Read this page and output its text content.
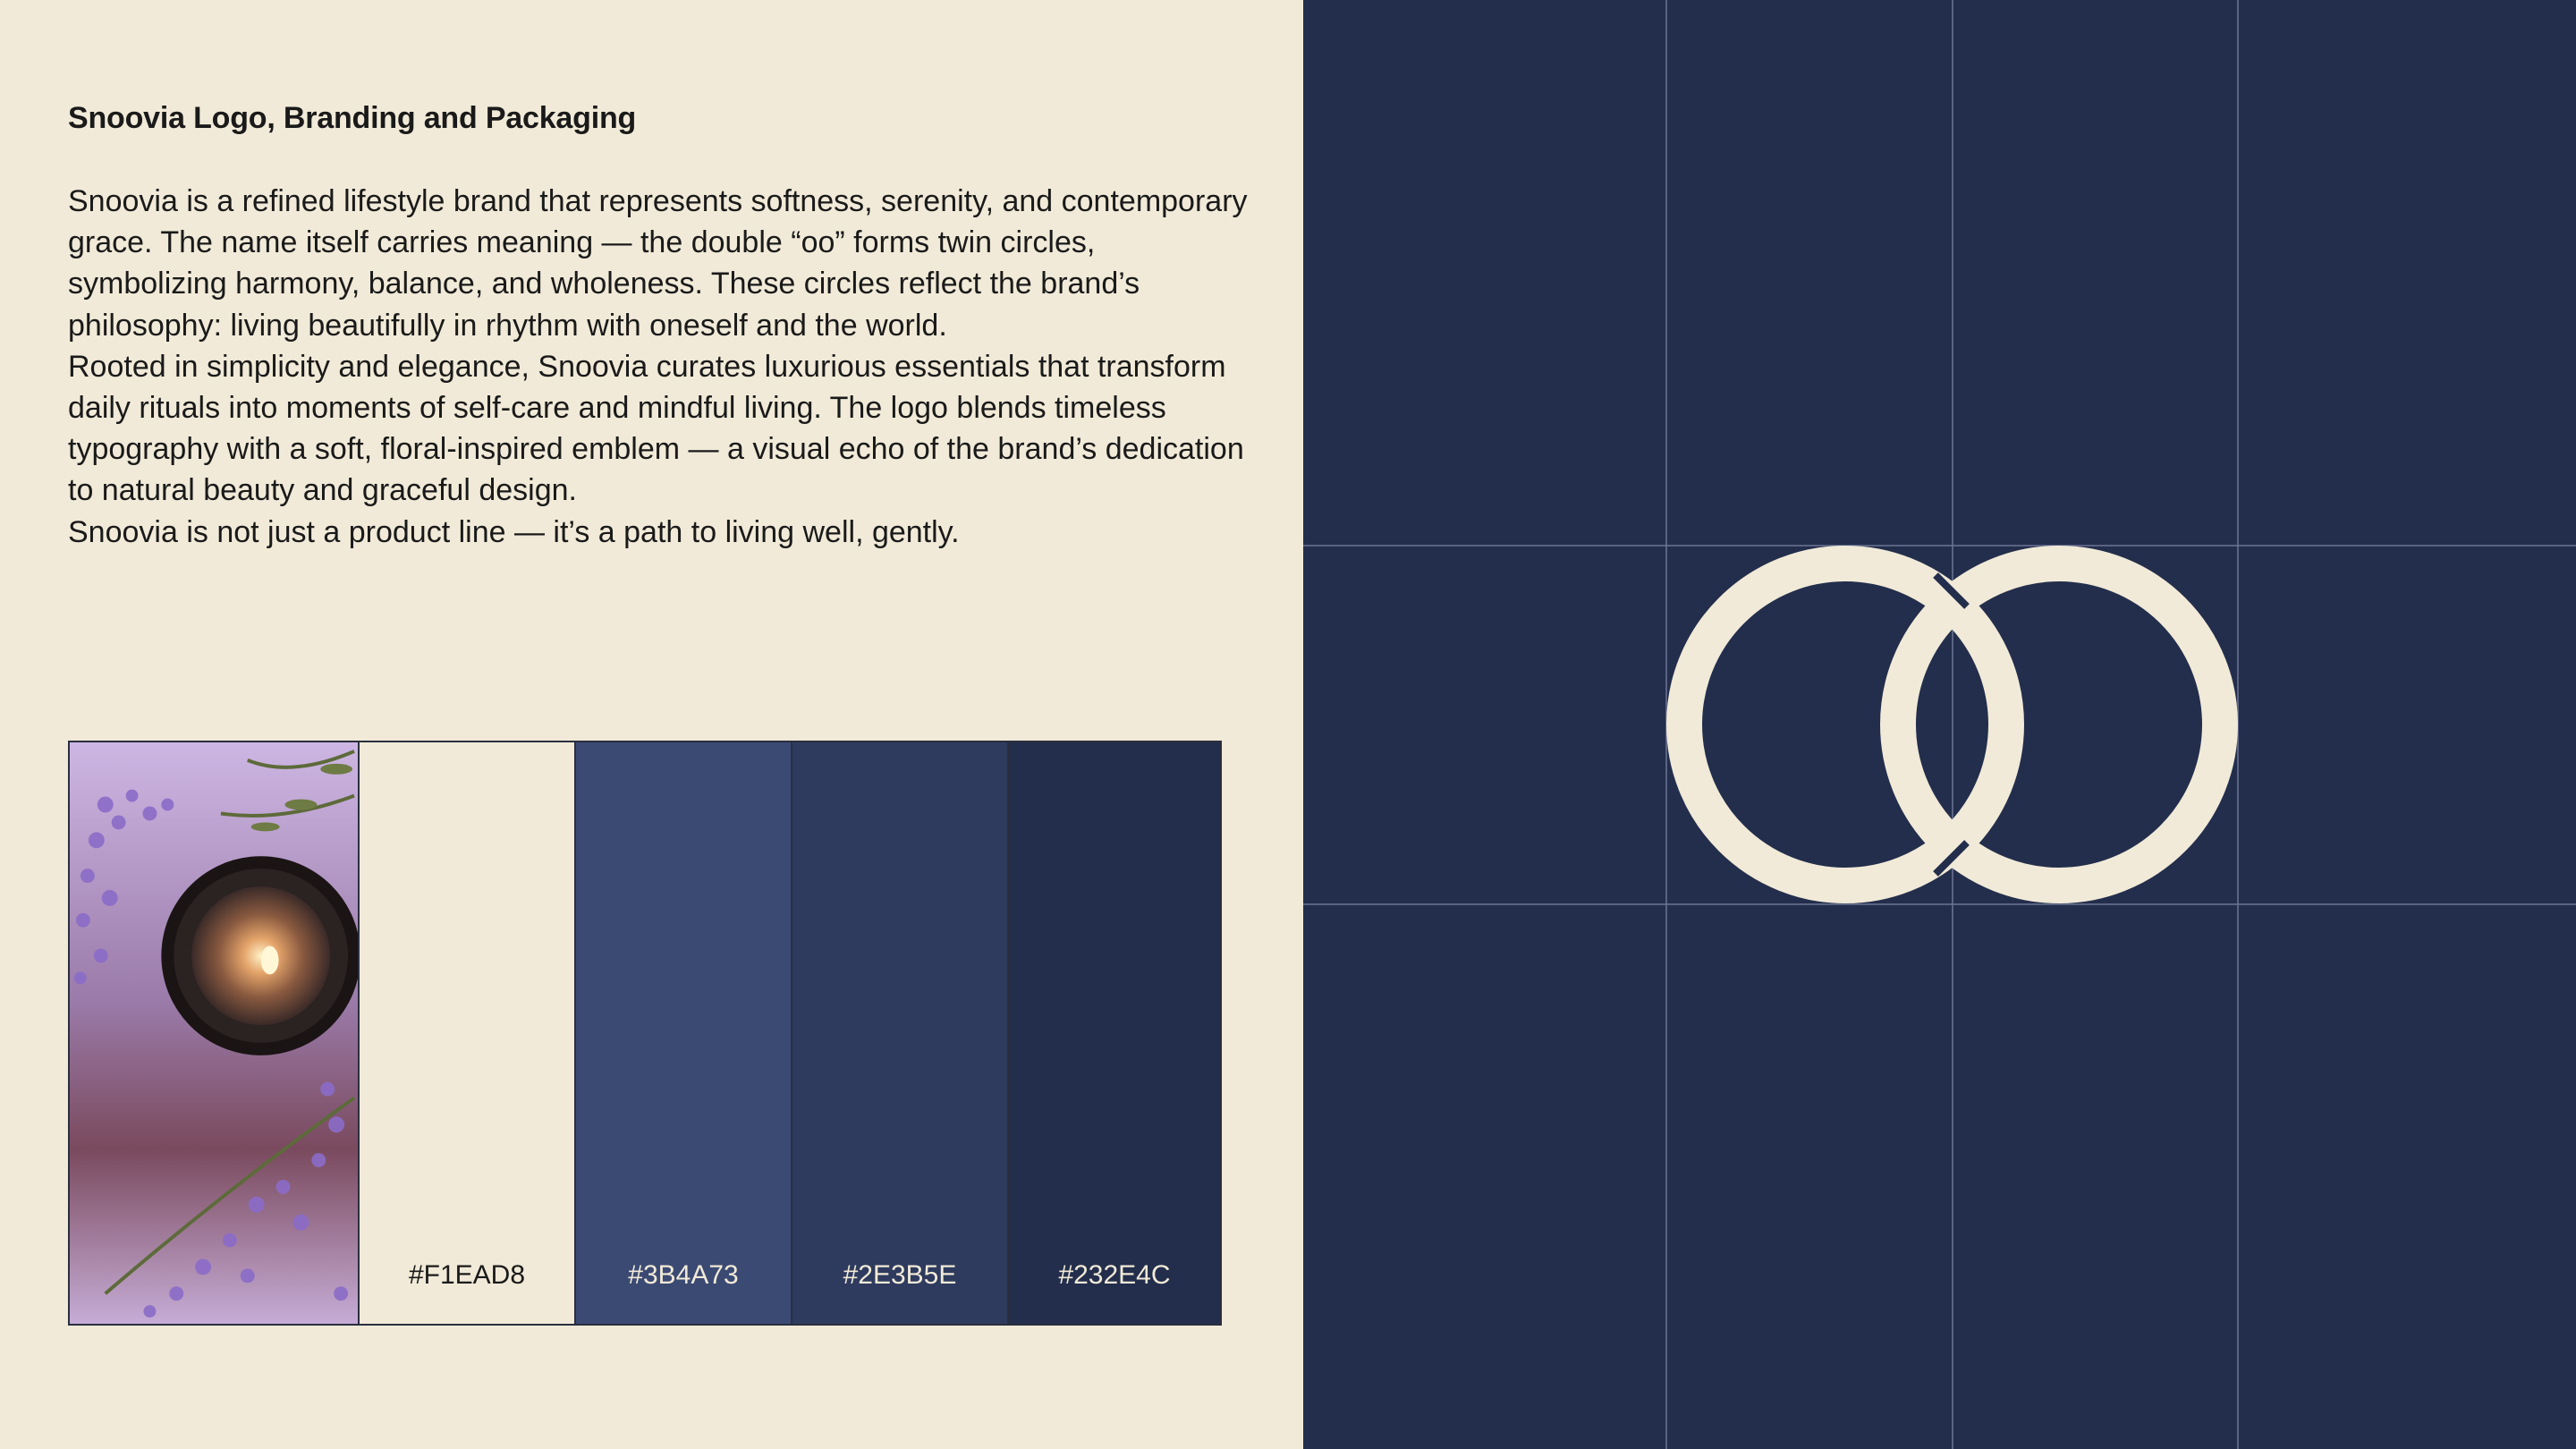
Snoovia Logo, Branding and Packaging

Snoovia is a refined lifestyle brand that represents softness, serenity, and contemporary grace. The name itself carries meaning — the double “oo” forms twin circles, symbolizing harmony, balance, and wholeness. These circles reflect the brand’s philosophy: living beautifully in rhythm with oneself and the world.

Rooted in simplicity and elegance, Snoovia curates luxurious essentials that transform daily rituals into moments of self-care and mindful living. The logo blends timeless typography with a soft, floral-inspired emblem — a visual echo of the brand’s dedication to natural beauty and graceful design.

Snoovia is not just a product line — it’s a path to living well, gently.

#F1EAD8	#3B4A73	#2E3B5E	#232E4C
